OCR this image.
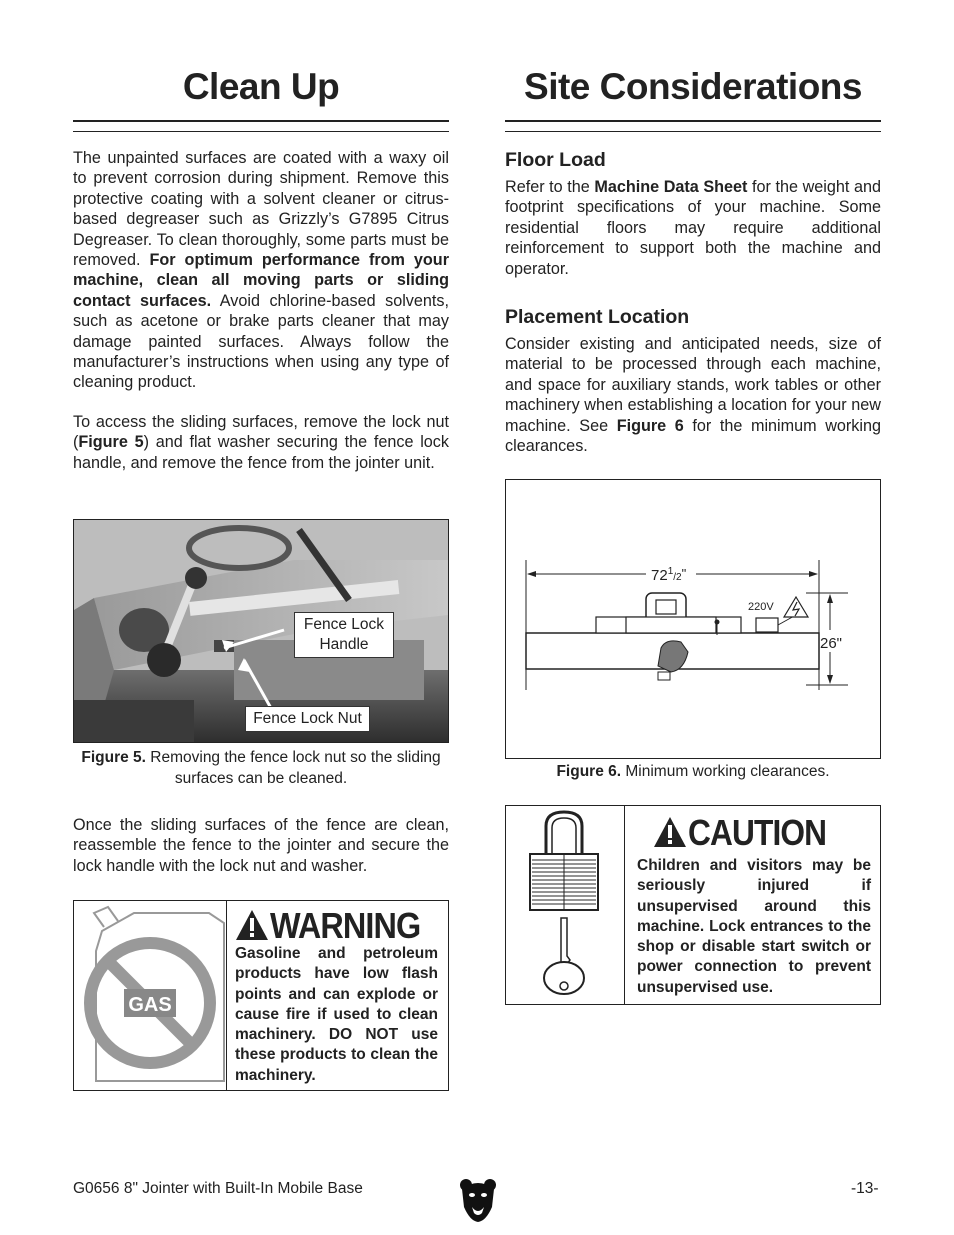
Clean Up

The unpainted surfaces are coated with a waxy oil to prevent corrosion during shipment. Remove this protective coating with a solvent cleaner or citrus-based degreaser such as Grizzly’s G7895 Citrus Degreaser. To clean thoroughly, some parts must be removed. For optimum performance from your machine, clean all moving parts or sliding contact surfaces. Avoid chlorine-based solvents, such as acetone or brake parts cleaner that may damage painted surfaces. Always follow the manufacturer’s instructions when using any type of cleaning product.

To access the sliding surfaces, remove the lock nut (Figure 5) and flat washer securing the fence lock handle, and remove the fence from the jointer unit.

Fence Lock Handle
Fence Lock Nut
Figure 5. Removing the fence lock nut so the sliding surfaces can be cleaned.

Once the sliding surfaces of the fence are clean, reassemble the fence to the jointer and secure the lock handle with the lock nut and washer.

GAS
WARNING

Gasoline and petroleum products have low flash points and can explode or cause fire if used to clean machinery. DO NOT use these products to clean the machinery.

Site Considerations
Floor Load

Refer to the Machine Data Sheet for the weight and footprint specifications of your machine. Some residential floors may require additional reinforcement to support both the machine and operator.

Placement Location

Consider existing and anticipated needs, size of material to be processed through each machine, and space for auxiliary stands, work tables or other machinery when establishing a location for your new machine. See Figure 6 for the minimum working clearances.

$72^1_/2$"
26"
220V
Figure 6. Minimum working clearances.
CAUTION

Children and visitors may be seriously injured if unsupervised around this machine. Lock entrances to the shop or disable start switch or power connection to prevent unsupervised use.

G0656 8" Jointer with Built-In Mobile Base	-13-
